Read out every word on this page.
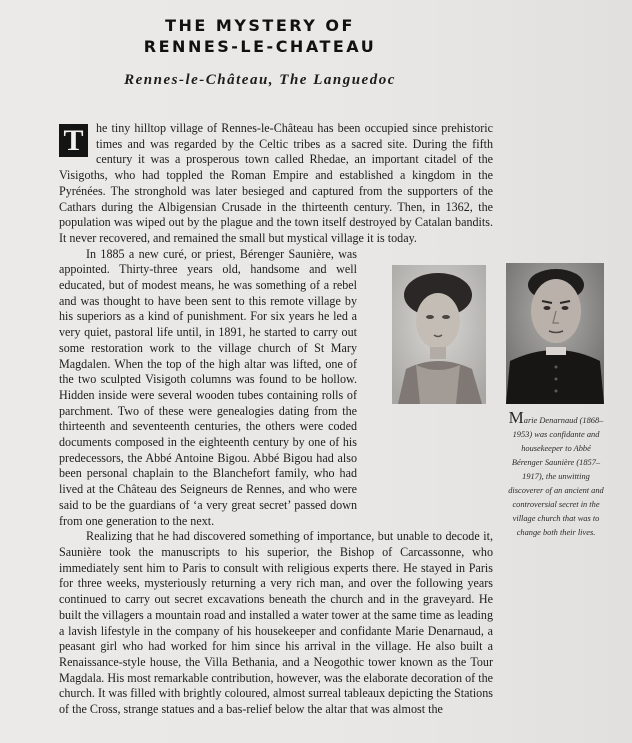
THE MYSTERY OF
RENNES-LE-CHATEAU
Rennes-le-Château, The Languedoc
T	he tiny hilltop village of Rennes-le-Château has been occupied since prehistoric times and was regarded by the Celtic tribes as a sacred site. During the fifth century it was a prosperous town called Rhedae, an important citadel of the Visigoths, who had toppled the Roman Empire and established a kingdom in the Pyrénées. The stronghold was later besieged and captured from the supporters of the Cathars during the Albigensian Crusade in the thirteenth century. Then, in 1362, the population was wiped out by the plague and the town itself destroyed by Catalan bandits. It never recovered, and remained the small but mystical village it is today.

In 1885 a new curé, or priest, Bérenger Saunière, was appointed. Thirty-three years old, handsome and well educated, but of modest means, he was something of a rebel and was thought to have been sent to this remote village by his superiors as a kind of punishment. For six years he led a very quiet, pastoral life until, in 1891, he started to carry out some restoration work to the village church of St Mary Magdalen. When the top of the high altar was lifted, one of the two sculpted Visigoth columns was found to be hollow. Hidden inside were several wooden tubes containing rolls of parchment. Two of these were genealogies dating from the thirteenth and seventeenth centuries, the others were coded documents composed in the eighteenth century by one of his predecessors, the Abbé Antoine Bigou. Abbé Bigou had also been personal chaplain to the Blanchefort family, who had lived at the Château des Seigneurs de Rennes, and who were said to be the guardians of ‘a very great secret’ passed down from one generation to the next.

Realizing that he had discovered something of importance, but unable to decode it, Saunière took the manuscripts to his superior, the Bishop of Carcassonne, who immediately sent him to Paris to consult with religious experts there. He stayed in Paris for three weeks, mysteriously returning a very rich man, and over the following years continued to carry out secret excavations beneath the church and in the graveyard. He built the villagers a mountain road and installed a water tower at the same time as leading a lavish lifestyle in the company of his housekeeper and confidante Marie Denarnaud, a peasant girl who had worked for him since his arrival in the village. He also built a Renaissance-style house, the Villa Bethania, and a Neogothic tower known as the Tour Magdala. His most remarkable contribution, however, was the elaborate decoration of the church. It was filled with brightly coloured, almost surreal tableaux depicting the Stations of the Cross, strange statues and a bas-relief below the altar that was almost the

Marie Denarnaud (1868–1953) was confidante and housekeeper to Abbé Bérenger Saunière (1857–1917), the unwitting discoverer of an ancient and controversial secret in the village church that was to change both their lives.
